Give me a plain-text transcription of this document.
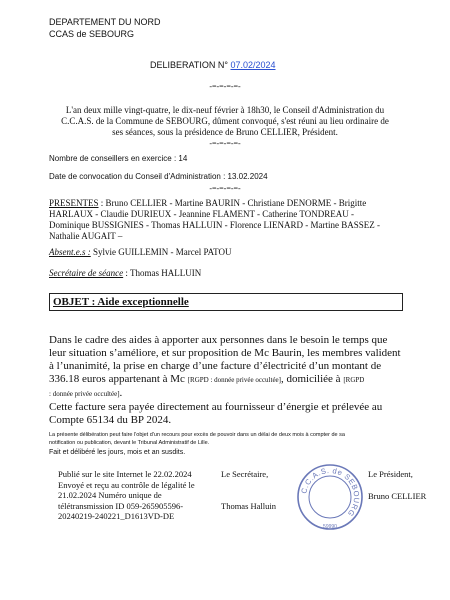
DEPARTEMENT DU NORD
CCAS de SEBOURG
DELIBERATION N° 07.02/2024
-=-=-=-=-
L'an deux mille vingt-quatre, le dix-neuf février à 18h30, le Conseil d'Administration du
C.C.A.S. de la Commune de SEBOURG, dûment convoqué, s'est réuni au lieu ordinaire de
ses séances, sous la présidence de Bruno CELLIER, Président.
-=-=-=-=-
Nombre de conseillers en exercice : 14
Date de convocation du Conseil d'Administration : 13.02.2024
-=-=-=-=-
PRESENTES : Bruno CELLIER - Martine BAURIN - Christiane DENORME - Brigitte
HARLAUX - Claudie DURIEUX - Jeannine FLAMENT - Catherine TONDREAU -
Dominique BUSSIGNIES - Thomas HALLUIN - Florence LIENARD - Martine BASSEZ -
Nathalie AUGAIT –
Absent.e.s : Sylvie GUILLEMIN - Marcel PATOU
Secrétaire de séance : Thomas HALLUIN
OBJET : Aide exceptionnelle
Dans le cadre des aides à apporter aux personnes dans le besoin le temps que
leur situation s’améliore, et sur proposition de Mc Baurin, les membres valident
à l’unanimité, la prise en charge d’une facture d’électricité d’un montant de
336.18 euros appartenant à Mc [RGPD : donnée privée occultée], domiciliée à [RGPD
: donnée privée occultée].
Cette facture sera payée directement au fournisseur d’énergie et prélevée au
Compte 65134 du BP 2024.
La présente délibération peut faire l'objet d'un recours pour excès de pouvoir dans un délai de deux mois à compter de sa
notification ou publication, devant le Tribunal Administratif de Lille.
Fait et délibéré les jours, mois et an susdits.
Publié sur le site Internet le 22.02.2024
Envoyé et reçu au contrôle de légalité le
21.02.2024 Numéro unique de
télétransmission ID 059-265905596-
20240219-240221_D1613VD-DE
Le Secrétaire,
Thomas Halluin
Le Président,
Bruno CELLIER
C.C.A.S. de SEBOURG
59990
